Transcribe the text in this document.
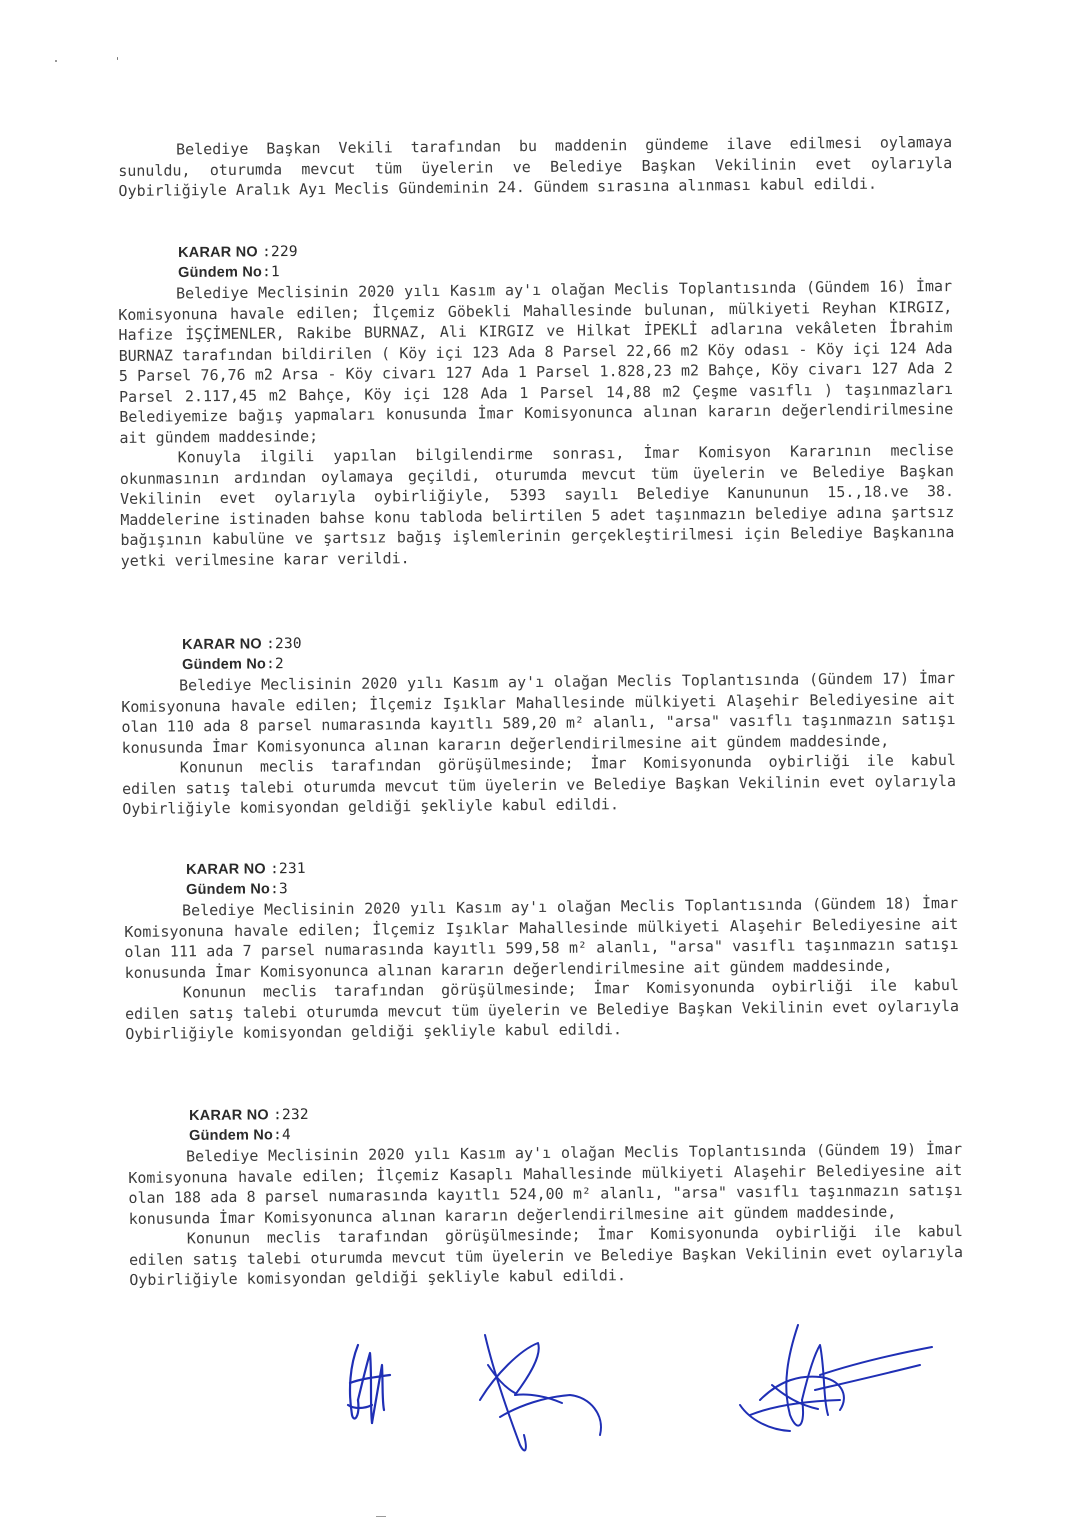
Belediye Başkan Vekili tarafından bu maddenin gündeme ilave edilmesi oylamaya sunuldu, oturumda mevcut tüm üyelerin ve Belediye Başkan Vekilinin evet oylarıyla Oybirliğiyle Aralık Ayı Meclis Gündeminin 24. Gündem sırasına alınması kabul edildi.

KARAR NO :229
Gündem No:1

Belediye Meclisinin 2020 yılı Kasım ay'ı olağan Meclis Toplantısında (Gündem 16) İmar Komisyonuna havale edilen; İlçemiz Göbekli Mahallesinde bulunan, mülkiyeti Reyhan KIRGIZ, Hafize İŞÇİMENLER, Rakibe BURNAZ, Ali KIRGIZ ve Hilkat İPEKLİ adlarına vekâleten İbrahim BURNAZ tarafından bildirilen ( Köy içi 123 Ada 8 Parsel 22,66 m2 Köy odası - Köy içi 124 Ada 5 Parsel 76,76 m2 Arsa - Köy civarı 127 Ada 1 Parsel 1.828,23 m2 Bahçe, Köy civarı 127 Ada 2 Parsel 2.117,45 m2 Bahçe, Köy içi 128 Ada 1 Parsel 14,88 m2 Çeşme vasıflı ) taşınmazları Belediyemize bağış yapmaları konusunda İmar Komisyonunca alınan kararın değerlendirilmesine ait gündem maddesinde;

Konuyla ilgili yapılan bilgilendirme sonrası, İmar Komisyon Kararının meclise okunmasının ardından oylamaya geçildi, oturumda mevcut tüm üyelerin ve Belediye Başkan Vekilinin evet oylarıyla oybirliğiyle, 5393 sayılı Belediye Kanununun 15.,18.ve 38. Maddelerine istinaden bahse konu tabloda belirtilen 5 adet taşınmazın belediye adına şartsız bağışının kabulüne ve şartsız bağış işlemlerinin gerçekleştirilmesi için Belediye Başkanına yetki verilmesine karar verildi.

KARAR NO :230
Gündem No:2

Belediye Meclisinin 2020 yılı Kasım ay'ı olağan Meclis Toplantısında (Gündem 17) İmar Komisyonuna havale edilen; İlçemiz Işıklar Mahallesinde mülkiyeti Alaşehir Belediyesine ait olan 110 ada 8 parsel numarasında kayıtlı 589,20 m² alanlı, "arsa" vasıflı taşınmazın satışı konusunda İmar Komisyonunca alınan kararın değerlendirilmesine ait gündem maddesinde,

Konunun meclis tarafından görüşülmesinde; İmar Komisyonunda oybirliği ile kabul edilen satış talebi oturumda mevcut tüm üyelerin ve Belediye Başkan Vekilinin evet oylarıyla Oybirliğiyle komisyondan geldiği şekliyle kabul edildi.

KARAR NO :231
Gündem No:3

Belediye Meclisinin 2020 yılı Kasım ay'ı olağan Meclis Toplantısında (Gündem 18) İmar Komisyonuna havale edilen; İlçemiz Işıklar Mahallesinde mülkiyeti Alaşehir Belediyesine ait olan 111 ada 7 parsel numarasında kayıtlı 599,58 m² alanlı, "arsa" vasıflı taşınmazın satışı konusunda İmar Komisyonunca alınan kararın değerlendirilmesine ait gündem maddesinde,

Konunun meclis tarafından görüşülmesinde; İmar Komisyonunda oybirliği ile kabul edilen satış talebi oturumda mevcut tüm üyelerin ve Belediye Başkan Vekilinin evet oylarıyla Oybirliğiyle komisyondan geldiği şekliyle kabul edildi.

KARAR NO :232
Gündem No:4

Belediye Meclisinin 2020 yılı Kasım ay'ı olağan Meclis Toplantısında (Gündem 19) İmar Komisyonuna havale edilen; İlçemiz Kasaplı Mahallesinde mülkiyeti Alaşehir Belediyesine ait olan 188 ada 8 parsel numarasında kayıtlı 524,00 m² alanlı, "arsa" vasıflı taşınmazın satışı konusunda İmar Komisyonunca alınan kararın değerlendirilmesine ait gündem maddesinde,

Konunun meclis tarafından görüşülmesinde; İmar Komisyonunda oybirliği ile kabul edilen satış talebi oturumda mevcut tüm üyelerin ve Belediye Başkan Vekilinin evet oylarıyla Oybirliğiyle komisyondan geldiği şekliyle kabul edildi.
